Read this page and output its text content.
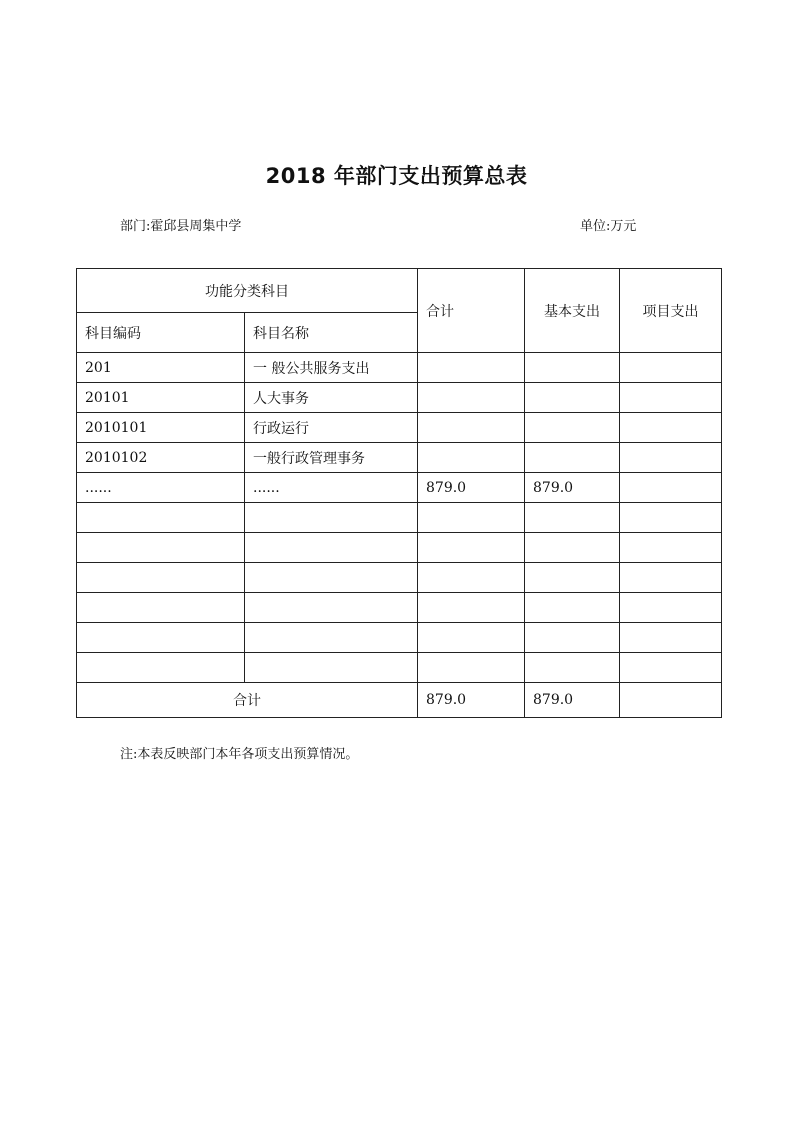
2018 年部门支出预算总表
部门:霍邱县周集中学	单位:万元
功能分类科目		合计	基本支出	项目支出
科目编码	科目名称			
201	一 般公共服务支出			
20101	人大事务			
2010101	行政运行			
2010102	一般行政管理事务			
......	......	879.0	879.0	

合计		879.0	879.0	
注:本表反映部门本年各项支出预算情况。
